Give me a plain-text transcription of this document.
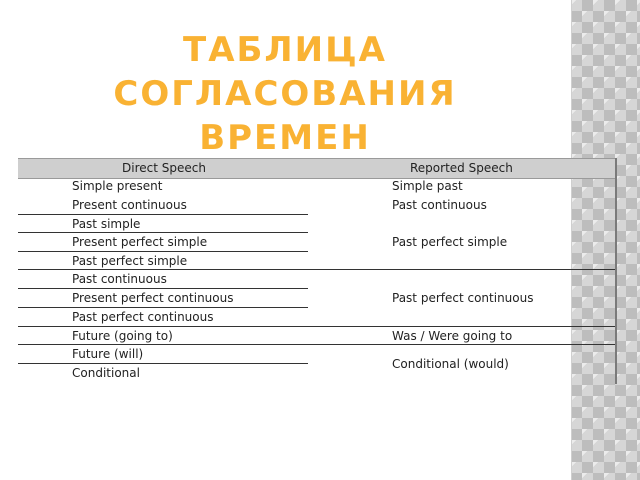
ТАБЛИЦА
СОГЛАСОВАНИЯ
ВРЕМЕН
Direct Speech	Reported Speech
Simple present
Present continuous
Past simple
Present perfect simple
Past perfect simple
Past continuous
Present perfect continuous
Past perfect continuous
Future (going to)
Future (will)
Conditional
Simple past
Past continuous
Past perfect simple
Past perfect continuous
Was / Were going to
Conditional (would)
